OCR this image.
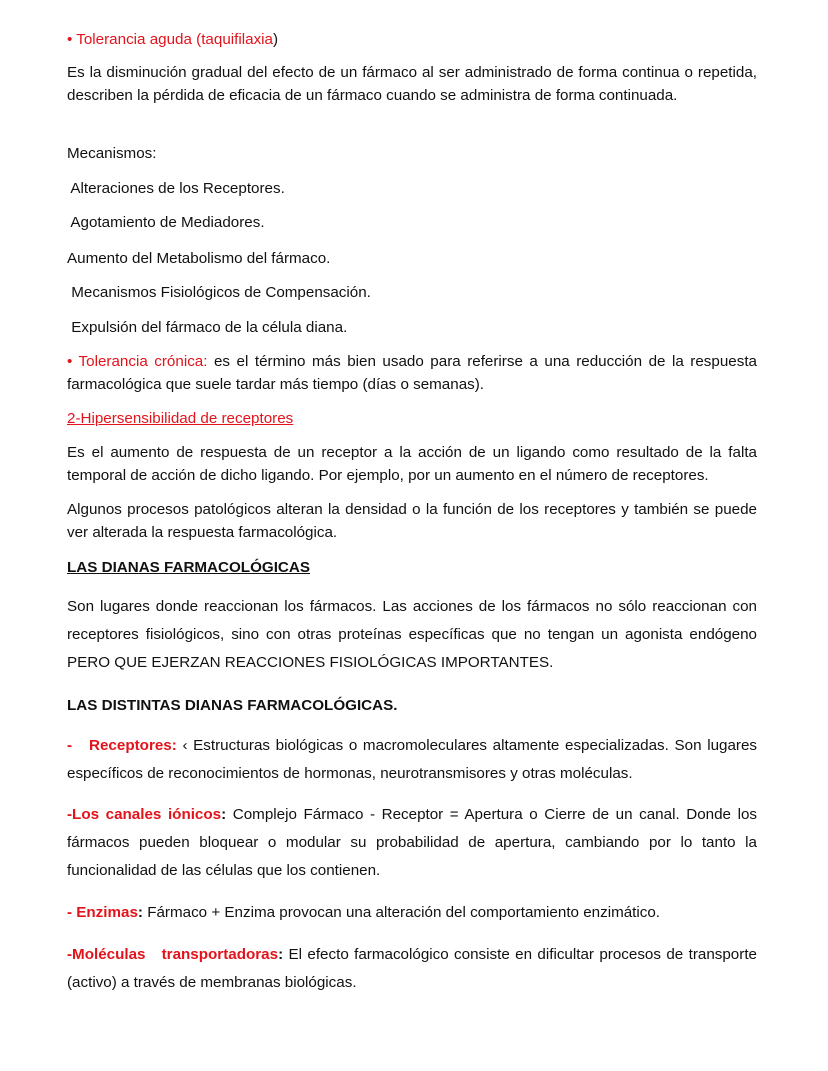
• Tolerancia aguda (taquifilaxia)
Es la disminución gradual del efecto de un fármaco al ser administrado de forma continua o repetida, describen la pérdida de eficacia de un fármaco cuando se administra de forma continuada.
Mecanismos:
Alteraciones de los Receptores.
Agotamiento de Mediadores.
Aumento del Metabolismo del fármaco.
Mecanismos Fisiológicos de Compensación.
Expulsión del fármaco de la célula diana.
• Tolerancia crónica: es el término más bien usado para referirse a una reducción de la respuesta farmacológica que suele tardar más tiempo (días o semanas).
2-Hipersensibilidad de receptores
Es el aumento de respuesta de un receptor a la acción de un ligando como resultado de la falta temporal de acción de dicho ligando. Por ejemplo, por un aumento en el número de receptores.
Algunos procesos patológicos alteran la densidad o la función de los receptores y también se puede ver alterada la respuesta farmacológica.
LAS DIANAS FARMACOLÓGICAS
Son lugares donde reaccionan los fármacos. Las acciones de los fármacos no sólo reaccionan con receptores fisiológicos, sino con otras proteínas específicas que no tengan un agonista endógeno PERO QUE EJERZAN REACCIONES FISIOLÓGICAS IMPORTANTES.
LAS DISTINTAS DIANAS FARMACOLÓGICAS.
-   Receptores: ‹ Estructuras biológicas o macromoleculares altamente especializadas. Son lugares específicos de reconocimientos de hormonas, neurotransmisores y otras moléculas.
-Los canales iónicos: Complejo Fármaco - Receptor = Apertura o Cierre de un canal. Donde los fármacos pueden bloquear o modular su probabilidad de apertura, cambiando por lo tanto la funcionalidad de las células que los contienen.
- Enzimas: Fármaco + Enzima provocan una alteración del comportamiento enzimático.
-Moléculas   transportadoras: El efecto farmacológico consiste en dificultar procesos de transporte (activo) a través de membranas biológicas.
